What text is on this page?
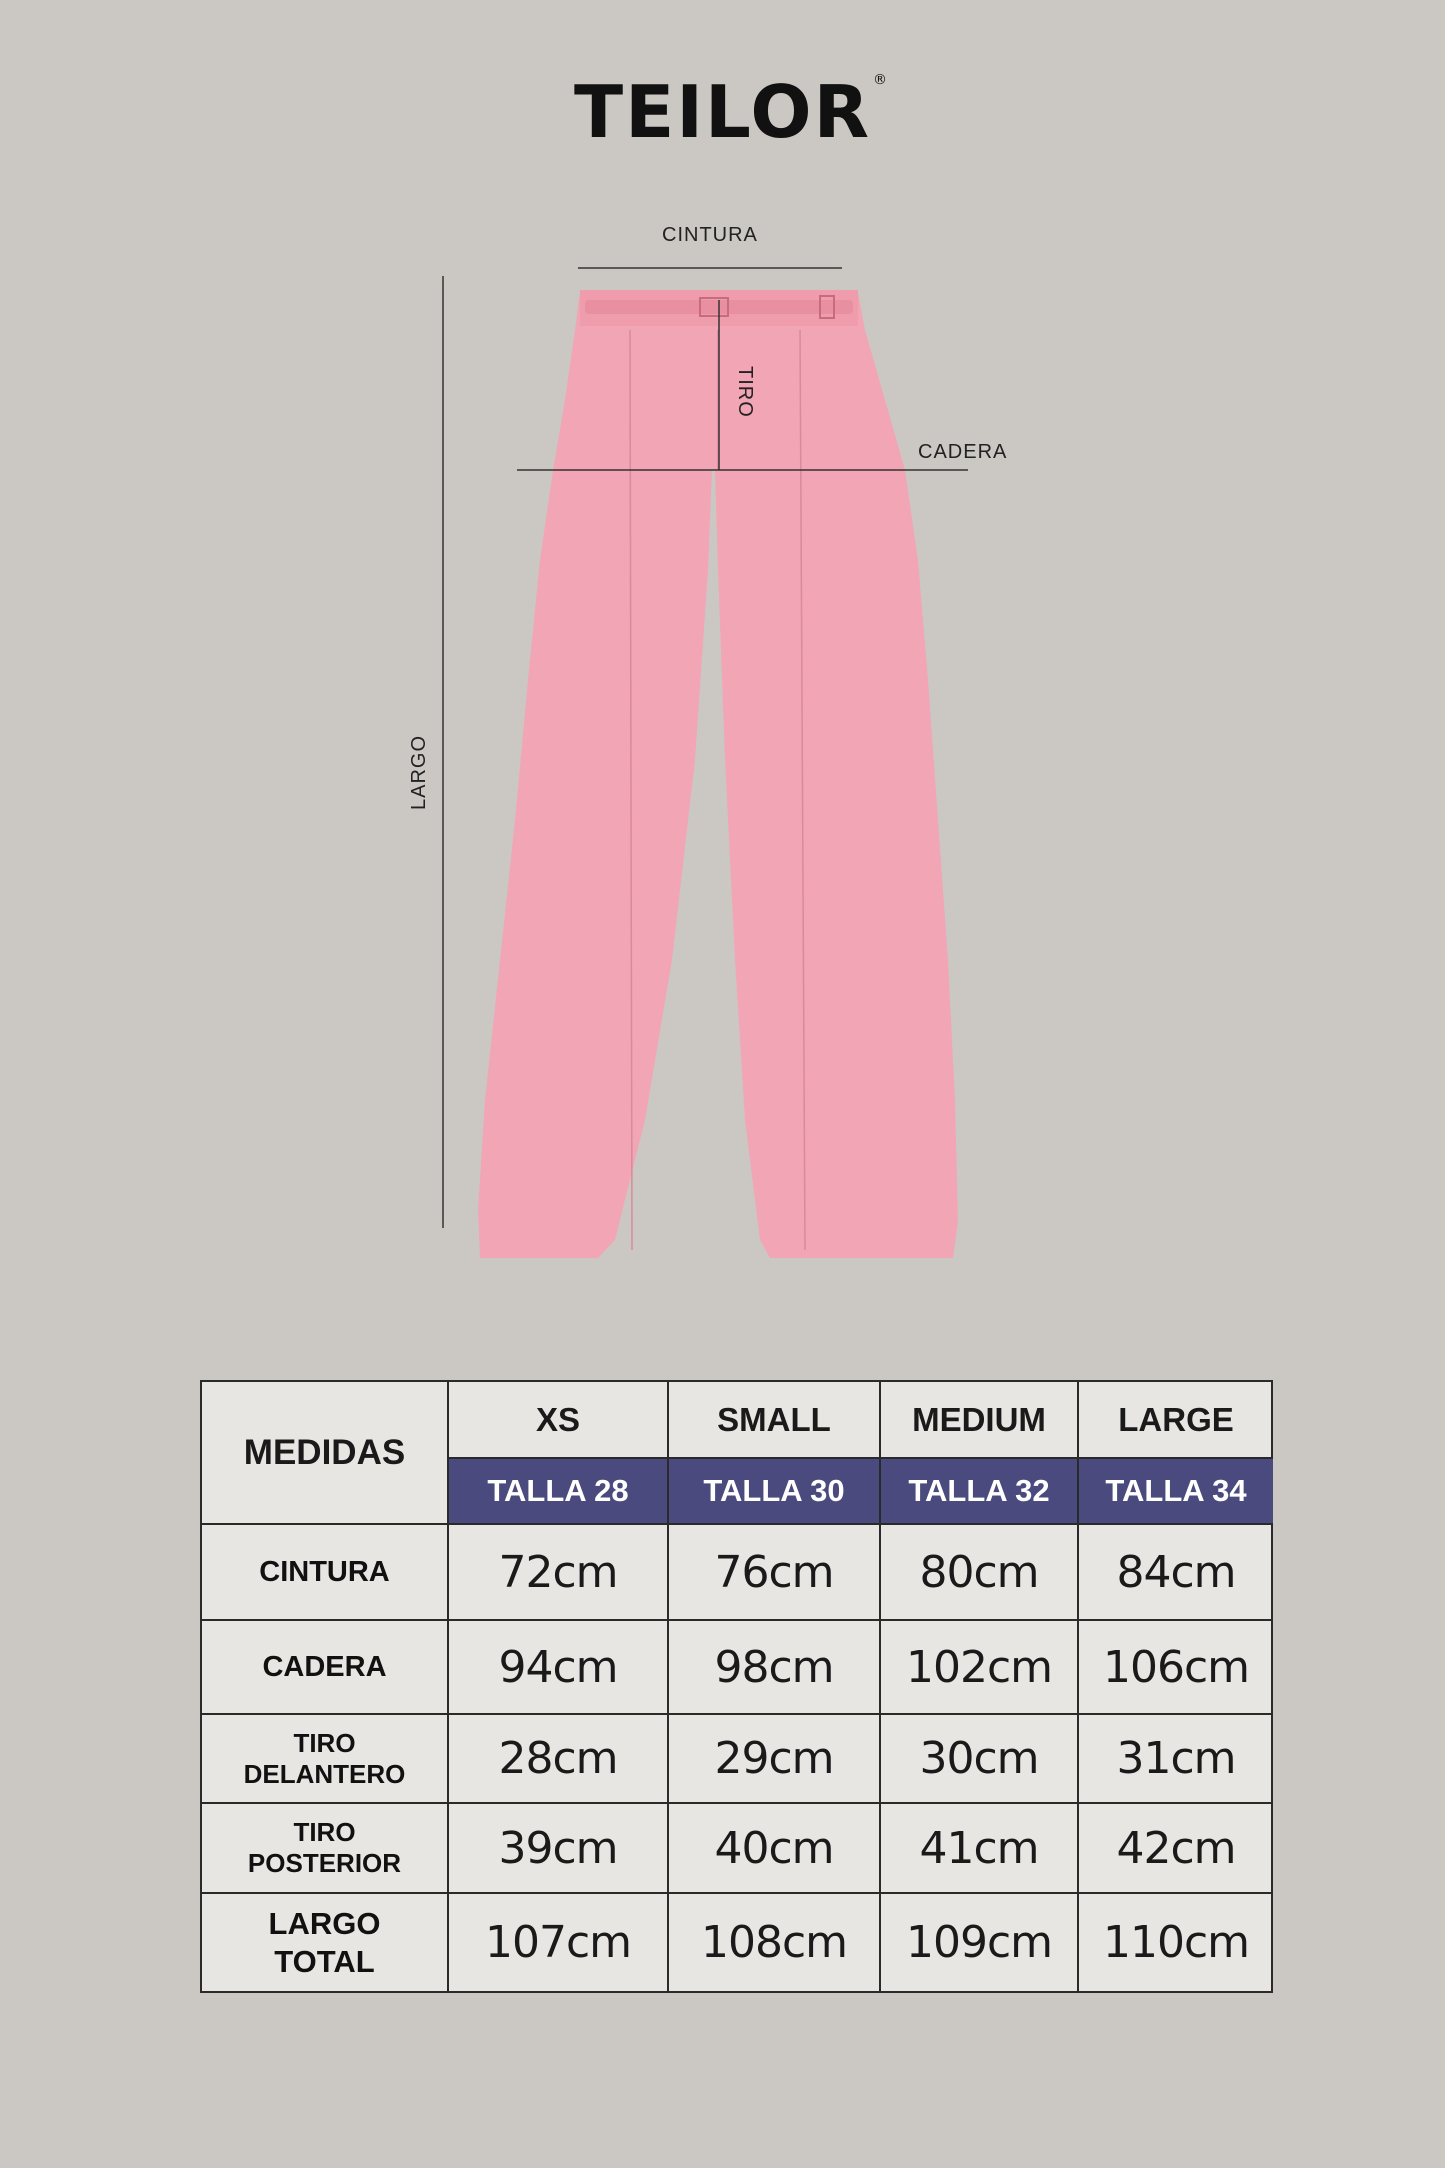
TEILOR ®
CINTURA
TIRO
CADERA
LARGO
MEDIDAS
XS	SMALL	MEDIUM	LARGE
TALLA 28	TALLA 30	TALLA 32	TALLA 34
CINTURA	72cm	76cm	80cm	84cm
CADERA	94cm	98cm	102cm	106cm
TIRO DELANTERO	28cm	29cm	30cm	31cm
TIRO POSTERIOR	39cm	40cm	41cm	42cm
LARGO TOTAL	107cm	108cm	109cm	110cm
